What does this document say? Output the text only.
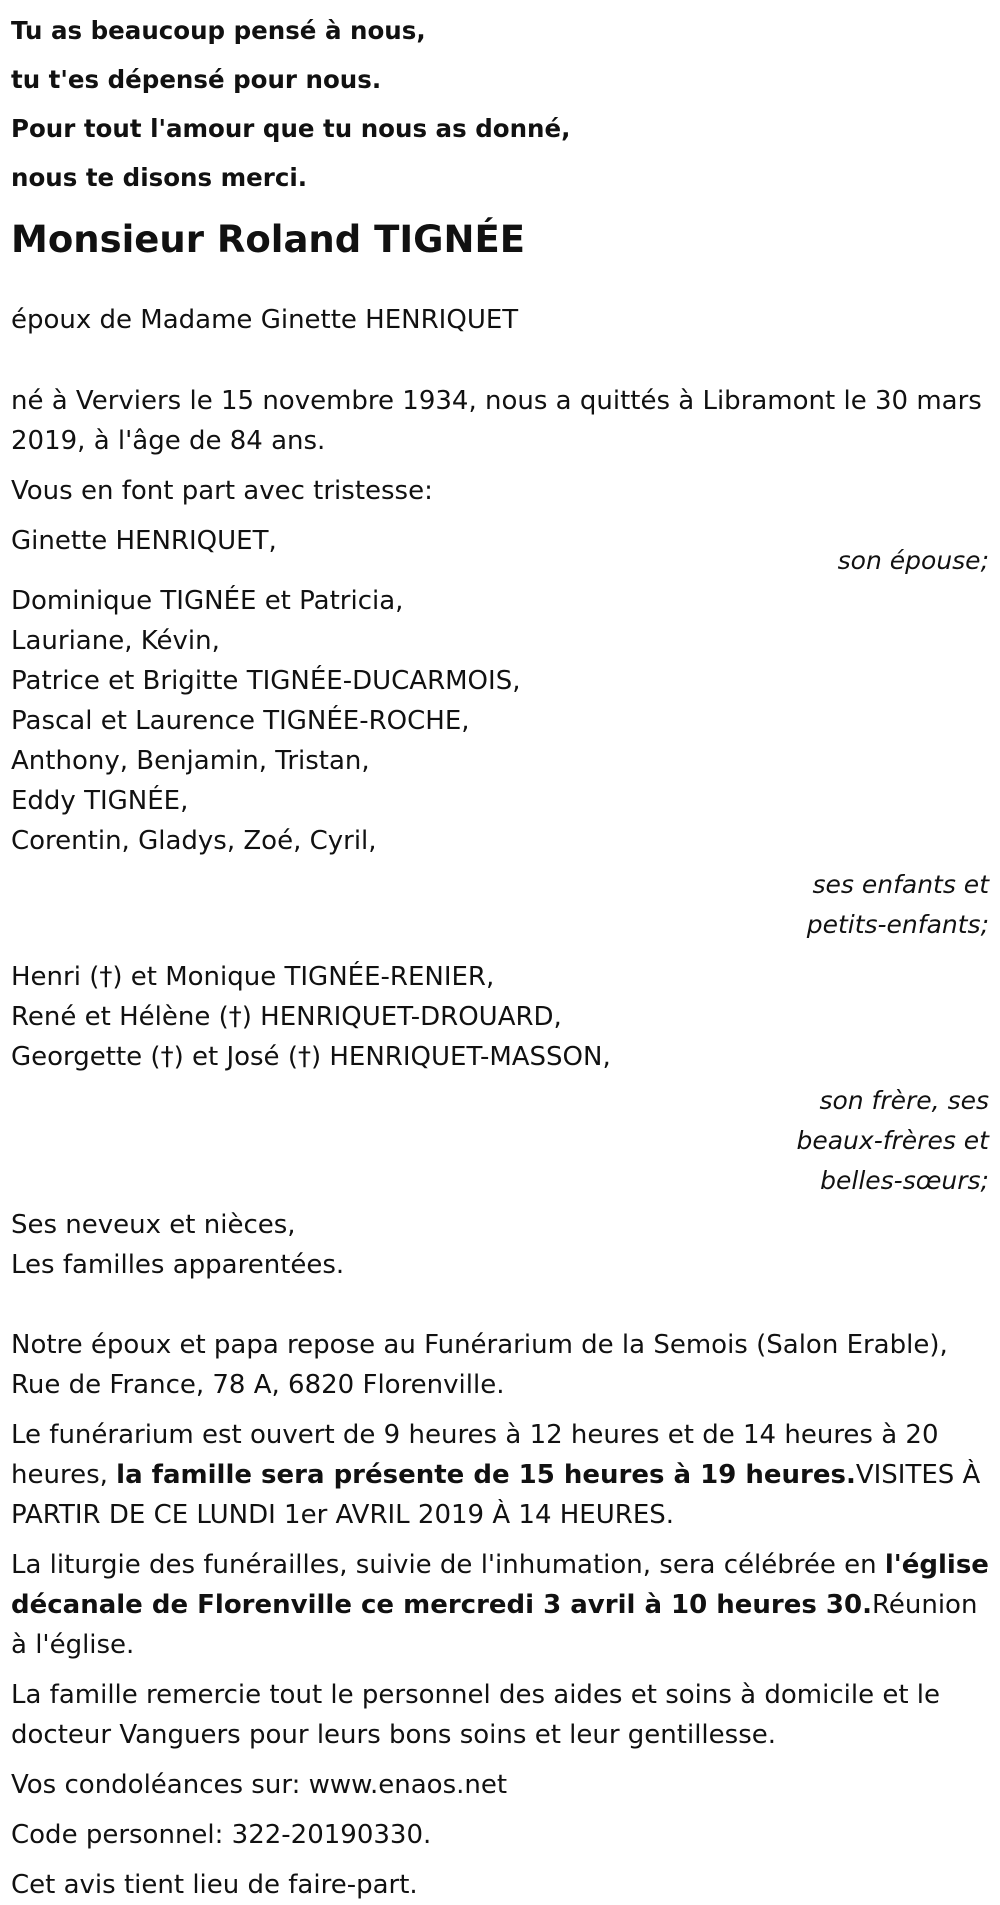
Tu as beaucoup pensé à nous,
tu t'es dépensé pour nous.
Pour tout l'amour que tu nous as donné,
nous te disons merci.
Monsieur Roland TIGNÉE
époux de Madame Ginette HENRIQUET
né à Verviers le 15 novembre 1934, nous a quittés à Libramont le 30 mars 2019, à l'âge de 84 ans.
Vous en font part avec tristesse:
Ginette HENRIQUET,
son épouse;
Dominique TIGNÉE et Patricia,
Lauriane, Kévin,
Patrice et Brigitte TIGNÉE-DUCARMOIS,
Pascal et Laurence TIGNÉE-ROCHE,
Anthony, Benjamin, Tristan,
Eddy TIGNÉE,
Corentin, Gladys, Zoé, Cyril,
ses enfants et
petits-enfants;
Henri (†) et Monique TIGNÉE-RENIER,
René et Hélène (†) HENRIQUET-DROUARD,
Georgette (†) et José (†) HENRIQUET-MASSON,
son frère, ses
beaux-frères et
belles-sœurs;
Ses neveux et nièces,
Les familles apparentées.
Notre époux et papa repose au Funérarium de la Semois (Salon Erable), Rue de France, 78 A, 6820 Florenville.
Le funérarium est ouvert de 9 heures à 12 heures et de 14 heures à 20 heures, la famille sera présente de 15 heures à 19 heures.VISITES À PARTIR DE CE LUNDI 1er AVRIL 2019 À 14 HEURES.
La liturgie des funérailles, suivie de l'inhumation, sera célébrée en l'église décanale de Florenville ce mercredi 3 avril à 10 heures 30.Réunion à l'église.
La famille remercie tout le personnel des aides et soins à domicile et le docteur Vanguers pour leurs bons soins et leur gentillesse.
Vos condoléances sur: www.enaos.net
Code personnel: 322-20190330.
Cet avis tient lieu de faire-part.
